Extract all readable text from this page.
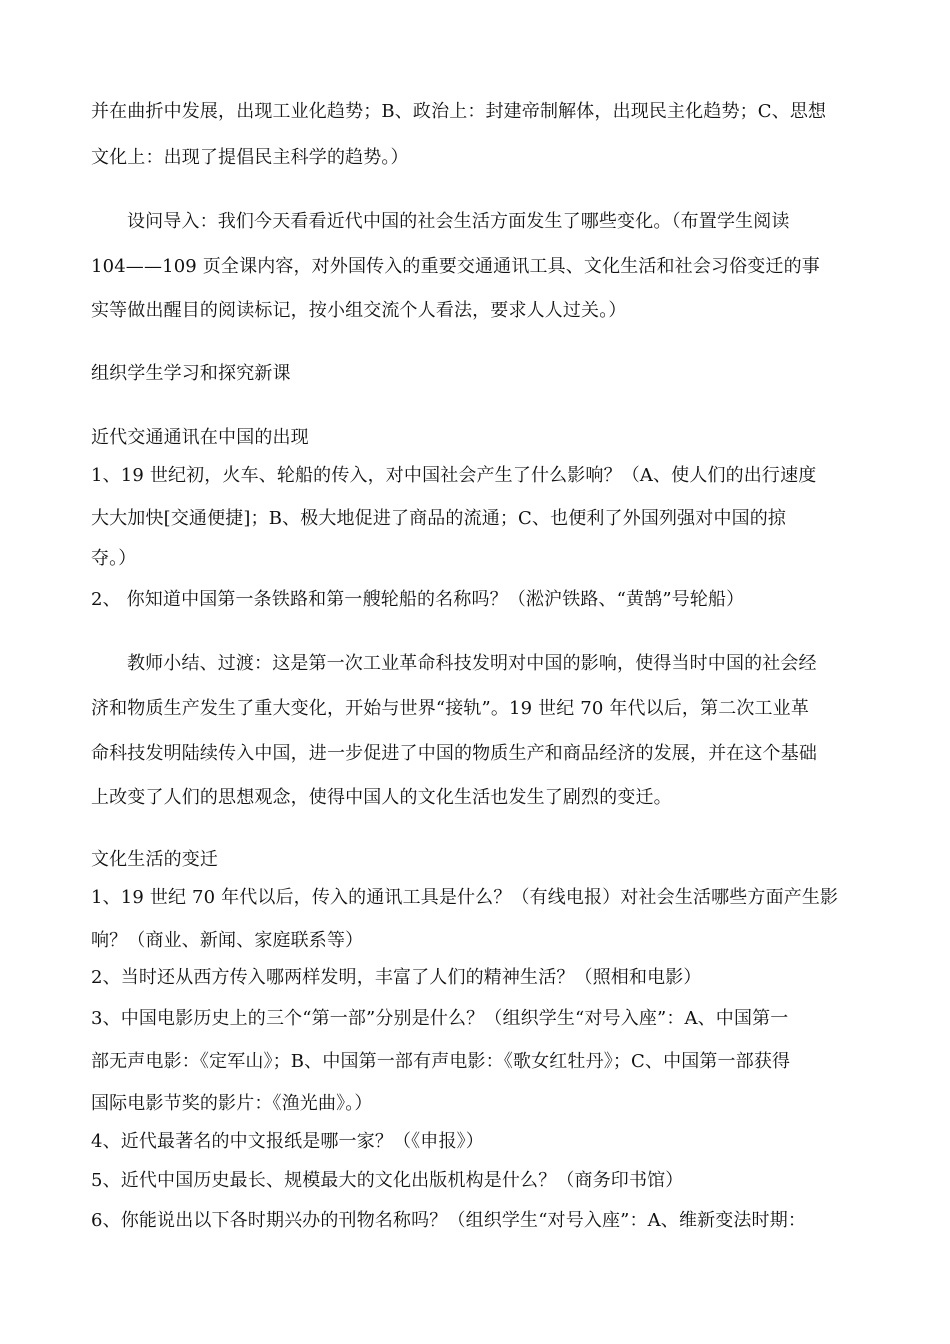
并在曲折中发展，出现工业化趋势；B、政治上：封建帝制解体，出现民主化趋势；C、思想
文化上：出现了提倡民主科学的趋势。）
设问导入：我们今天看看近代中国的社会生活方面发生了哪些变化。（布置学生阅读
104——109 页全课内容，对外国传入的重要交通通讯工具、文化生活和社会习俗变迁的事
实等做出醒目的阅读标记，按小组交流个人看法，要求人人过关。）
组织学生学习和探究新课
近代交通通讯在中国的出现
1、19 世纪初，火车、轮船的传入，对中国社会产生了什么影响？（A、使人们的出行速度
大大加快[交通便捷]；B、极大地促进了商品的流通；C、也便利了外国列强对中国的掠
夺。）
2、 你知道中国第一条铁路和第一艘轮船的名称吗？（淞沪铁路、“黄鹄”号轮船）
教师小结、过渡：这是第一次工业革命科技发明对中国的影响，使得当时中国的社会经
济和物质生产发生了重大变化，开始与世界“接轨”。19 世纪 70 年代以后，第二次工业革
命科技发明陆续传入中国，进一步促进了中国的物质生产和商品经济的发展，并在这个基础
上改变了人们的思想观念，使得中国人的文化生活也发生了剧烈的变迁。
文化生活的变迁
1、19 世纪 70 年代以后，传入的通讯工具是什么？（有线电报）对社会生活哪些方面产生影
响？（商业、新闻、家庭联系等）
2、当时还从西方传入哪两样发明，丰富了人们的精神生活？（照相和电影）
3、中国电影历史上的三个“第一部”分别是什么？（组织学生“对号入座”：A、中国第一
部无声电影：《定军山》；B、中国第一部有声电影：《歌女红牡丹》；C、中国第一部获得
国际电影节奖的影片：《渔光曲》。）
4、近代最著名的中文报纸是哪一家？（《申报》）
5、近代中国历史最长、规模最大的文化出版机构是什么？（商务印书馆）
6、你能说出以下各时期兴办的刊物名称吗？（组织学生“对号入座”：A、维新变法时期：
